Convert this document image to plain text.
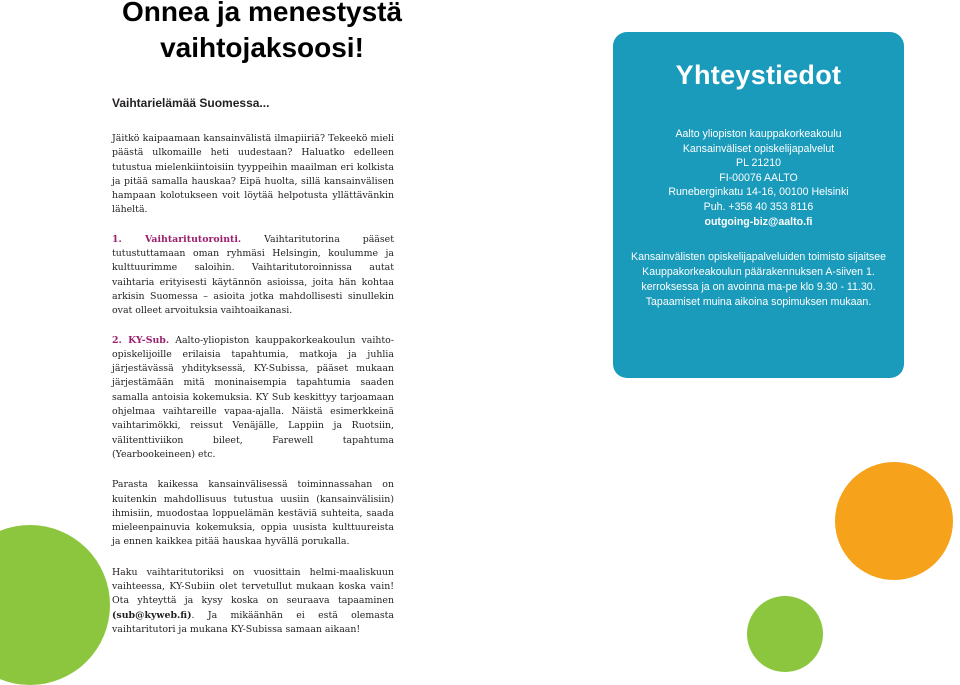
Onnea ja menestystä
vaihtojaksoosi!
Vaihtarielämää Suomessa...

Jäitkö kaipaamaan kansainvälistä ilmapiiriä? Tekeekö mieli päästä ulkomaille heti uudestaan? Haluatko edelleen tutustua mielenkiintoisiin tyyppeihin maailman eri kolkista ja pitää samalla hauskaa? Eipä huolta, sillä kansainvälisen hampaan kolotukseen voit löytää helpotusta yllättävänkin läheltä.

1. Vaihtaritutorointi. Vaihtaritutorina pääset tutustuttamaan oman ryhmäsi Helsingin, koulumme ja kulttuurimme saloihin. Vaihtaritutoroinnissa autat vaihtaria erityisesti käytännön asioissa, joita hän kohtaa arkisin Suomessa – asioita jotka mahdollisesti sinullekin ovat olleet arvoituksia vaihtoaikanasi.

2. KY-Sub. Aalto-yliopiston kauppakorkeakoulun vaihto-opiskelijoille erilaisia tapahtumia, matkoja ja juhlia järjestävässä yhdityksessä, KY-Subissa, pääset mukaan järjestämään mitä moninaisempia tapahtumia saaden samalla antoisia kokemuksia. KY Sub keskittyy tarjoamaan ohjelmaa vaihtareille vapaa-ajalla. Näistä esimerkkeinä vaihtarimökki, reissut Venäjälle, Lappiin ja Ruotsiin, välitenttiviikon bileet, Farewell tapahtuma (Yearbookeineen) etc.

Parasta kaikessa kansainvälisessä toiminnassahan on kuitenkin mahdollisuus tutustua uusiin (kansainvälisiin) ihmisiin, muodostaa loppuelämän kestäviä suhteita, saada mieleenpainuvia kokemuksia, oppia uusista kulttuureista ja ennen kaikkea pitää hauskaa hyvällä porukalla.

Haku vaihtaritutoriksi on vuosittain helmi-maaliskuun vaihteessa, KY-Subiin olet tervetullut mukaan koska vain! Ota yhteyttä ja kysy koska on seuraava tapaaminen (sub@kyweb.fi). Ja mikäänhän ei estä olemasta vaihtaritutori ja mukana KY-Subissa samaan aikaan!

Yhteystiedot
Aalto yliopiston kauppakorkeakoulu
Kansainväliset opiskelijapalvelut
PL 21210
FI-00076 AALTO
Runeberginkatu 14-16, 00100 Helsinki
Puh. +358 40 353 8116
outgoing-biz@aalto.fi
Kansainvälisten opiskelijapalveluiden toimisto sijaitsee Kauppakorkeakoulun päärakennuksen A-siiven 1. kerroksessa ja on avoinna ma-pe klo 9.30 - 11.30. Tapaamiset muina aikoina sopimuksen mukaan.
